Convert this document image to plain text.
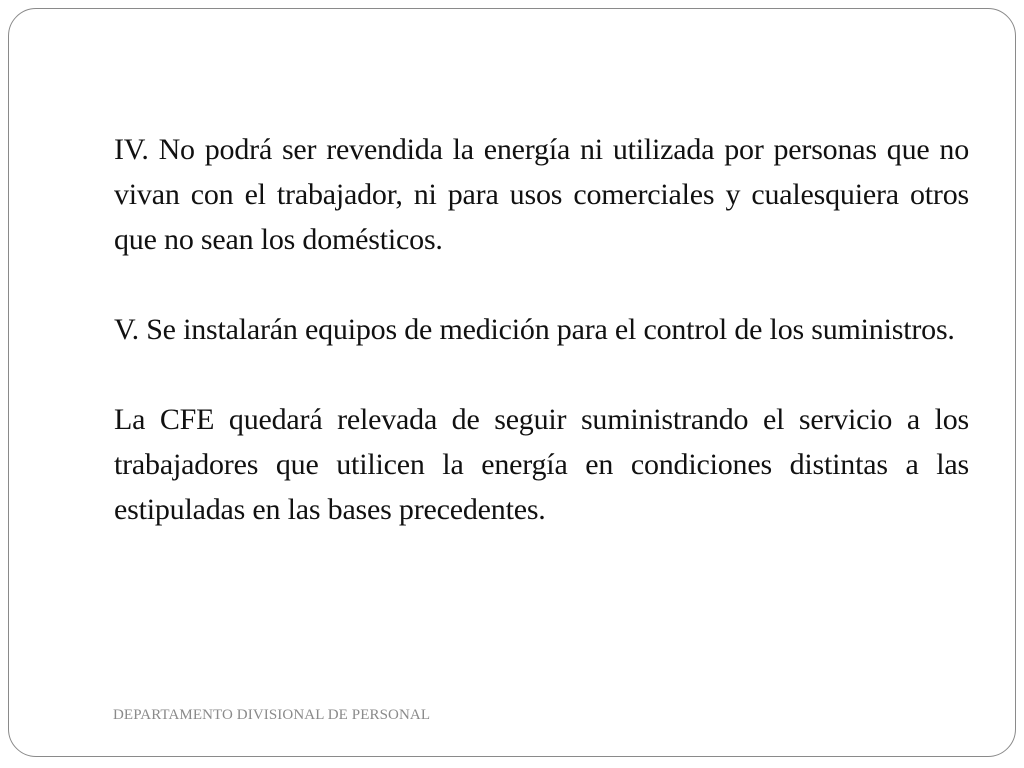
IV. No podrá ser revendida la energía ni utilizada por personas que no vivan con el trabajador, ni para usos comerciales y cualesquiera otros que no sean los domésticos.

V. Se instalarán equipos de medición para el control de los suministros.

La CFE quedará relevada de seguir suministrando el servicio a los trabajadores que utilicen la energía en condiciones distintas a las estipuladas en las bases precedentes.

DEPARTAMENTO DIVISIONAL DE PERSONAL
